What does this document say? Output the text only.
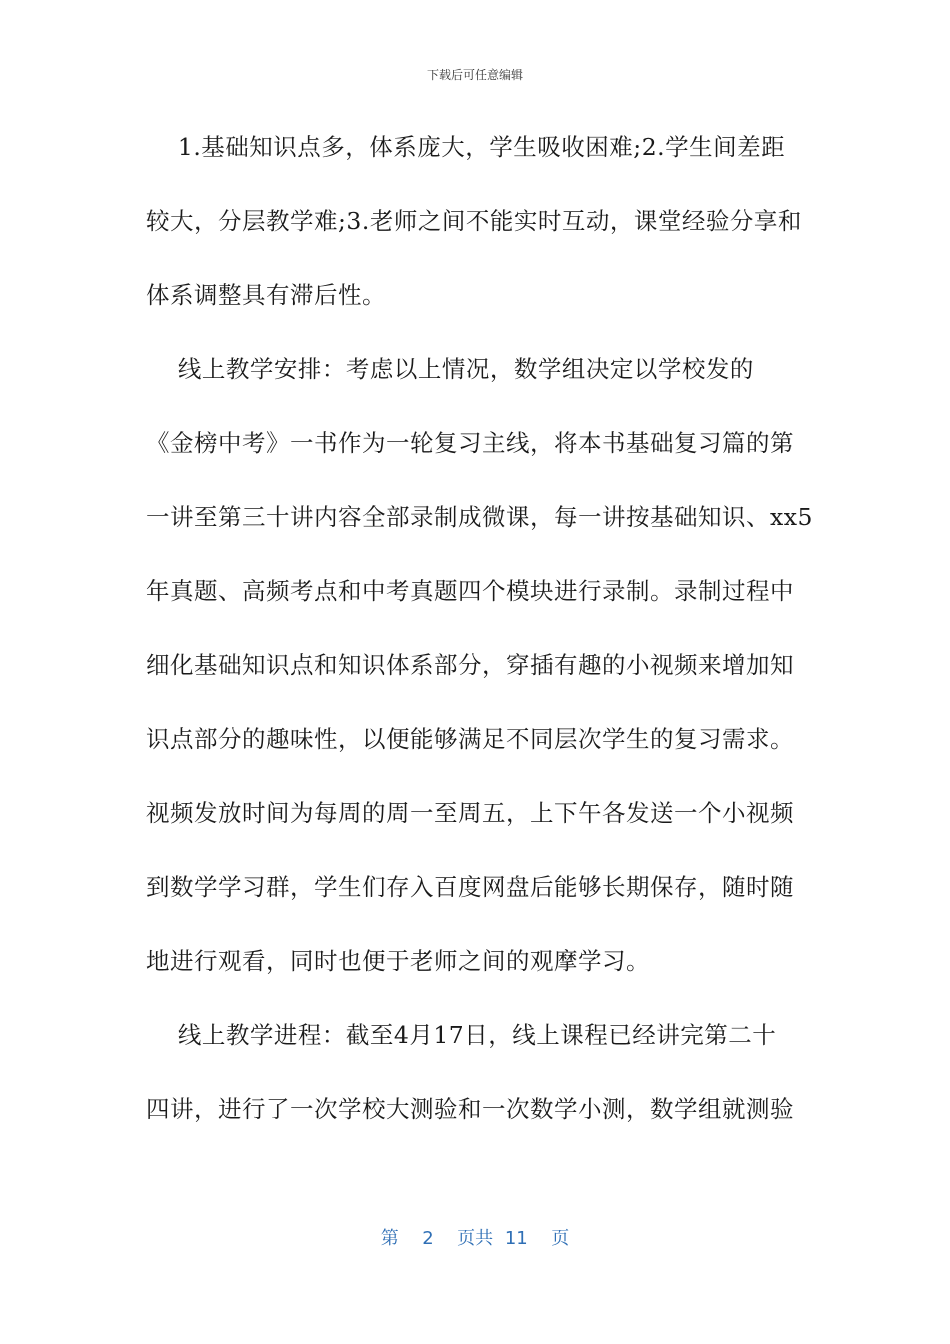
下载后可任意编辑
1.基础知识点多，体系庞大，学生吸收困难;2.学生间差距
较大，分层教学难;3.老师之间不能实时互动，课堂经验分享和
体系调整具有滞后性。
线上教学安排：考虑以上情况，数学组决定以学校发的
《金榜中考》一书作为一轮复习主线，将本书基础复习篇的第
一讲至第三十讲内容全部录制成微课，每一讲按基础知识、xx5
年真题、高频考点和中考真题四个模块进行录制。录制过程中
细化基础知识点和知识体系部分，穿插有趣的小视频来增加知
识点部分的趣味性，以便能够满足不同层次学生的复习需求。
视频发放时间为每周的周一至周五，上下午各发送一个小视频
到数学学习群，学生们存入百度网盘后能够长期保存，随时随
地进行观看，同时也便于老师之间的观摩学习。
线上教学进程：截至4月17日，线上课程已经讲完第二十
四讲，进行了一次学校大测验和一次数学小测，数学组就测验
第  2  页共 11  页
